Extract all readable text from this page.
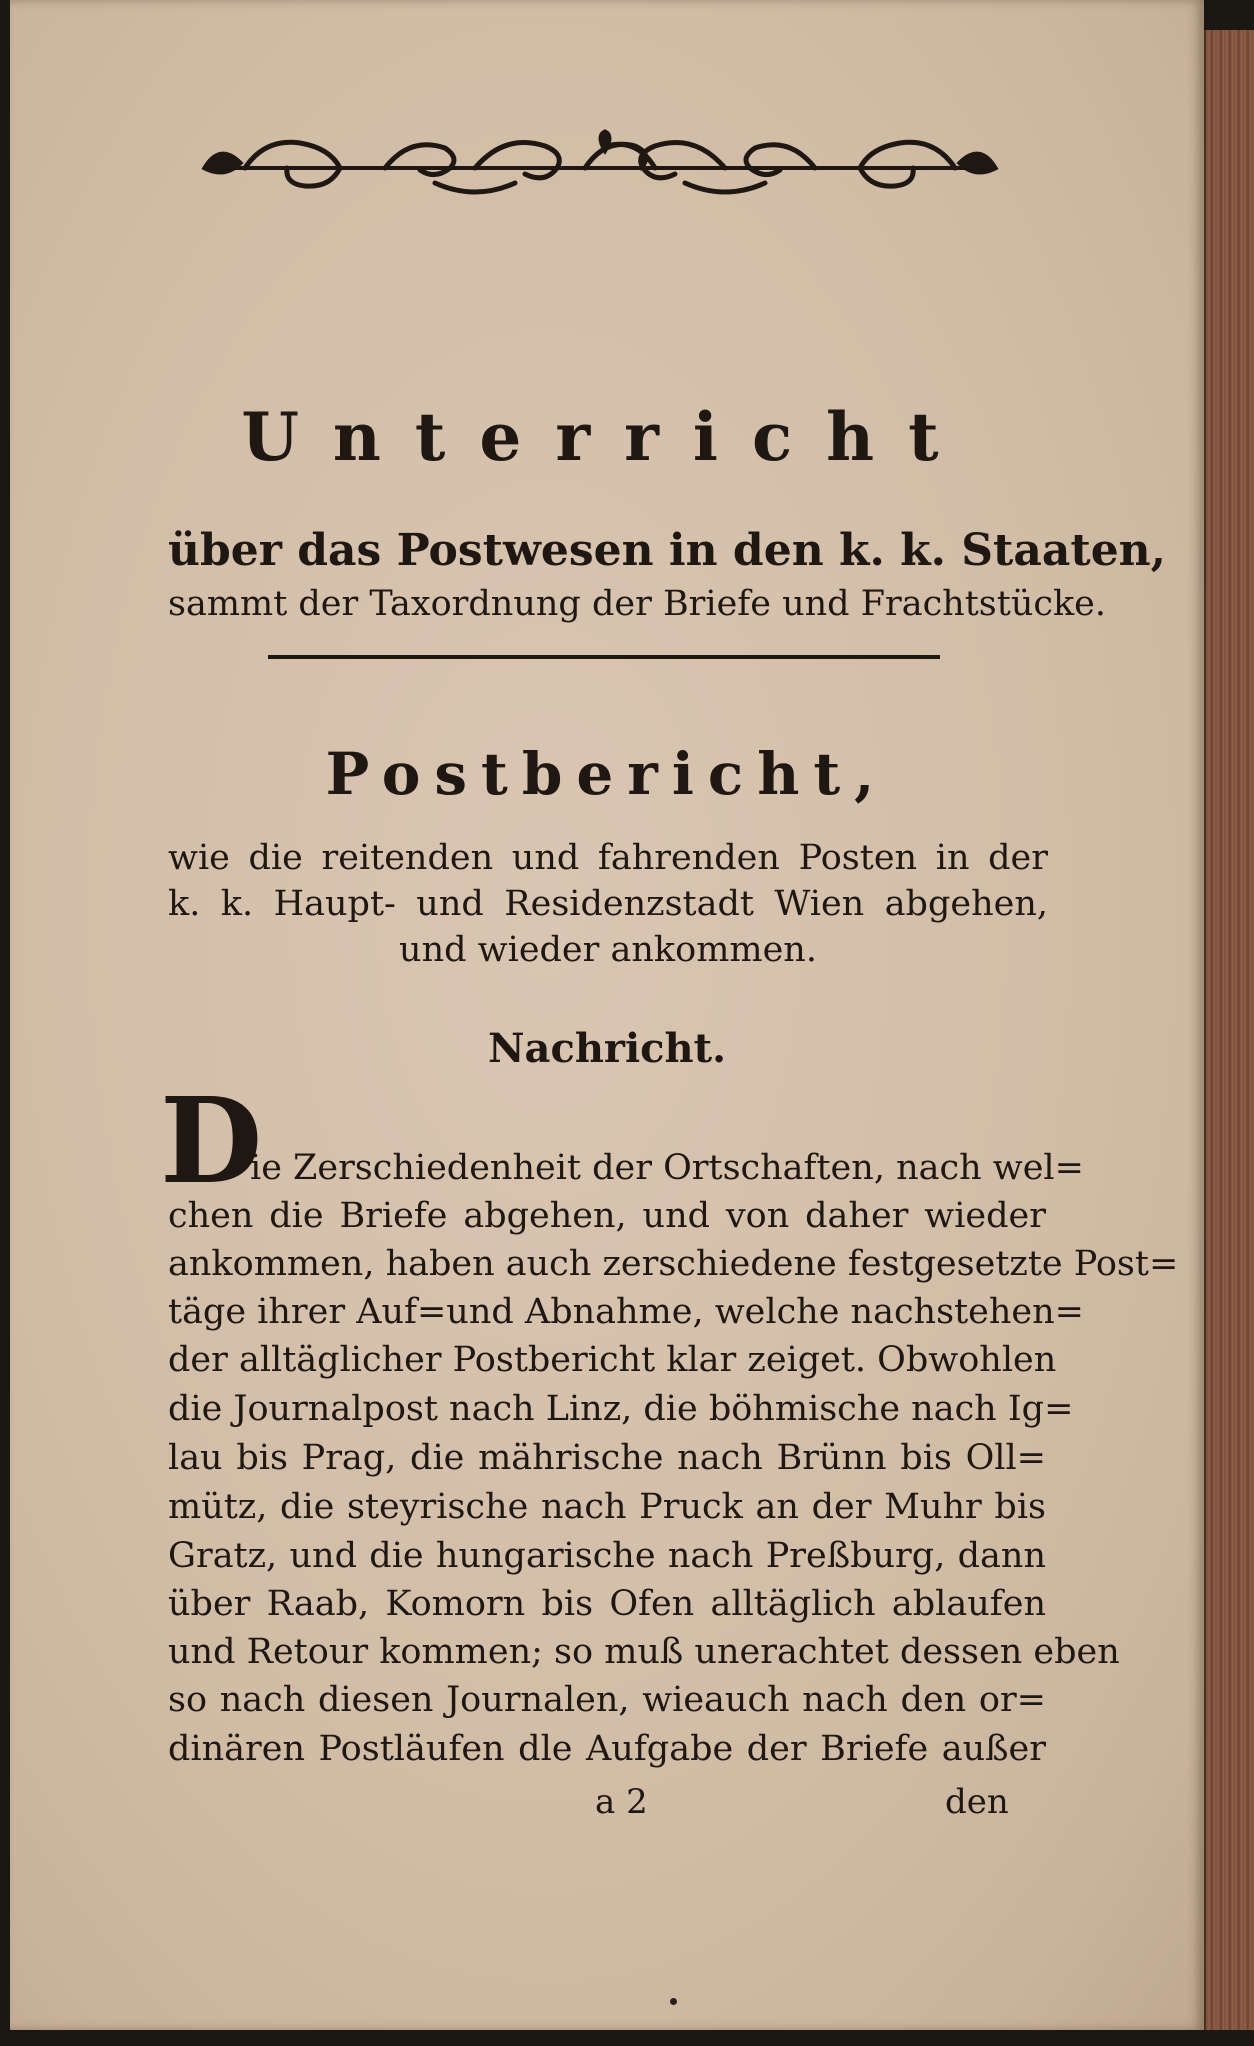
Unterricht
über das Postwesen in den k. k. Staaten,
sammt der Taxordnung der Briefe und Frachtstücke.
Postbericht,
wie die reitenden und fahrenden Posten in der
k. k. Haupt- und Residenzstadt Wien abgehen,
und wieder ankommen.
Nachricht.
D
ie Zerschiedenheit der Ortschaften, nach wel=
chen die Briefe abgehen, und von daher wieder
ankommen, haben auch zerschiedene festgesetzte Post=
täge ihrer Auf=und Abnahme, welche nachstehen=
der alltäglicher Postbericht klar zeiget. Obwohlen
die Journalpost nach Linz, die böhmische nach Ig=
lau bis Prag, die mährische nach Brünn bis Oll=
mütz, die steyrische nach Pruck an der Muhr bis
Gratz, und die hungarische nach Preßburg, dann
über Raab, Komorn bis Ofen alltäglich ablaufen
und Retour kommen; so muß unerachtet dessen eben
so nach diesen Journalen, wieauch nach den or=
dinären Postläufen dle Aufgabe der Briefe außer
a 2	den
